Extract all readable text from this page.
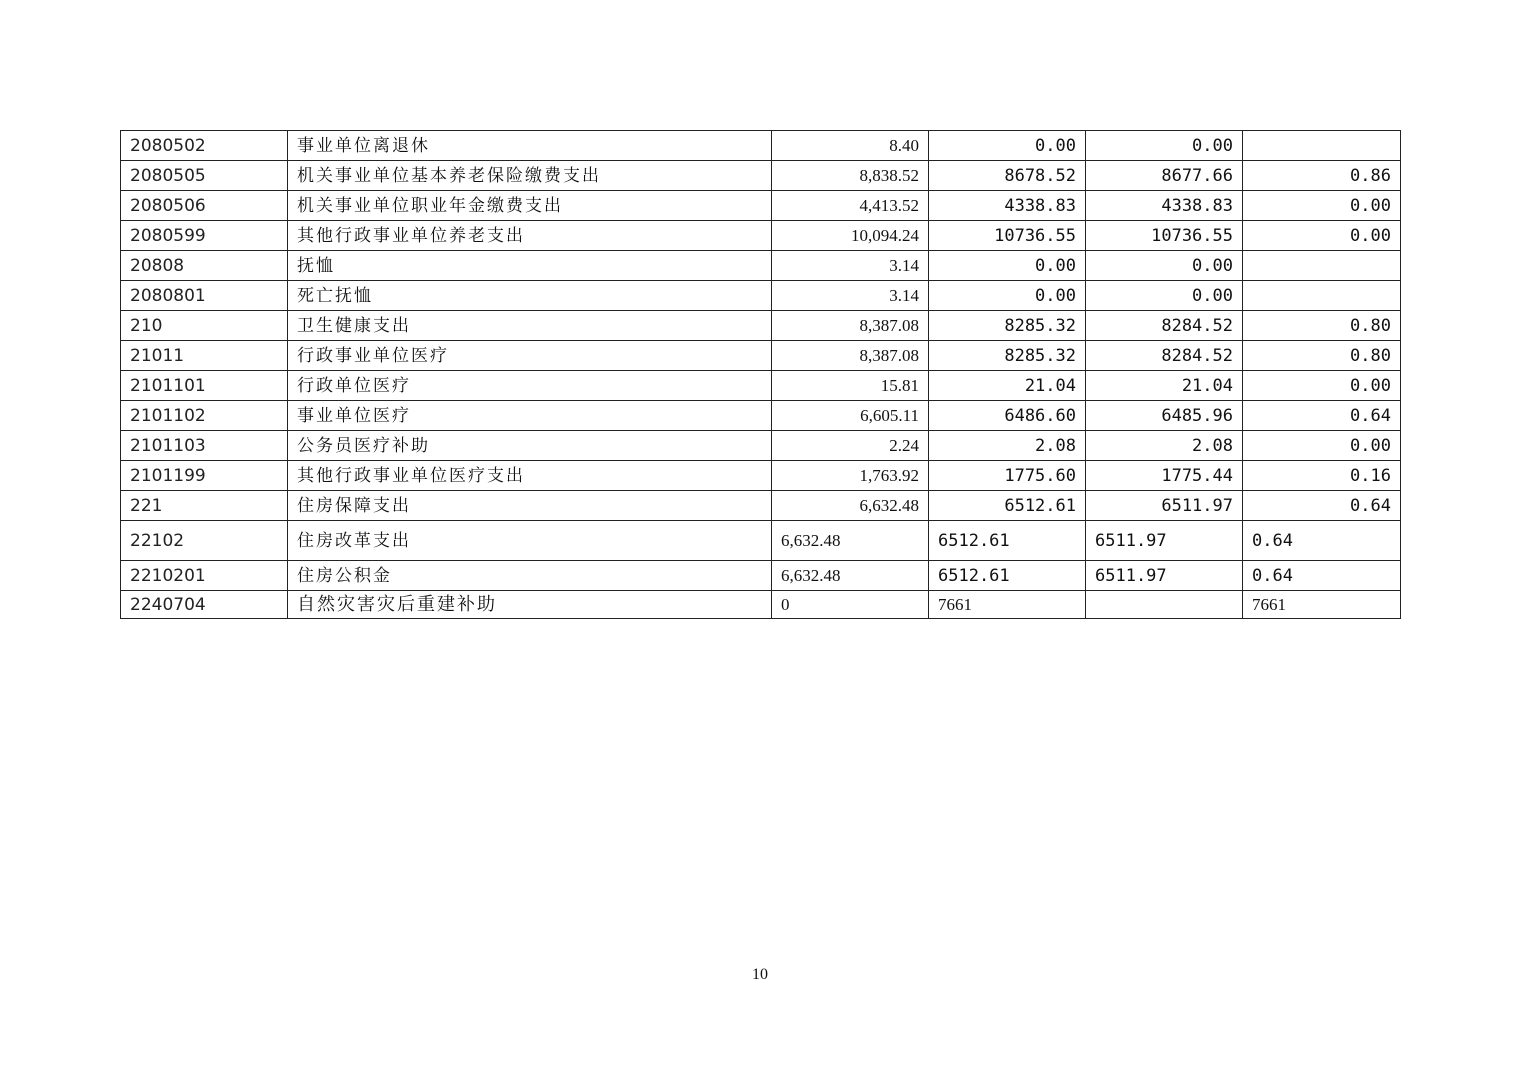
2080502	事业单位离退休	8.40	0.00	0.00	
2080505	机关事业单位基本养老保险缴费支出	8,838.52	8678.52	8677.66	0.86
2080506	机关事业单位职业年金缴费支出	4,413.52	4338.83	4338.83	0.00
2080599	其他行政事业单位养老支出	10,094.24	10736.55	10736.55	0.00
20808	抚恤	3.14	0.00	0.00	
2080801	死亡抚恤	3.14	0.00	0.00	
210	卫生健康支出	8,387.08	8285.32	8284.52	0.80
21011	行政事业单位医疗	8,387.08	8285.32	8284.52	0.80
2101101	行政单位医疗	15.81	21.04	21.04	0.00
2101102	事业单位医疗	6,605.11	6486.60	6485.96	0.64
2101103	公务员医疗补助	2.24	2.08	2.08	0.00
2101199	其他行政事业单位医疗支出	1,763.92	1775.60	1775.44	0.16
221	住房保障支出	6,632.48	6512.61	6511.97	0.64
22102	住房改革支出	6,632.48	6512.61	6511.97	0.64
2210201	住房公积金	6,632.48	6512.61	6511.97	0.64
2240704	自然灾害灾后重建补助	0	7661		7661
10
